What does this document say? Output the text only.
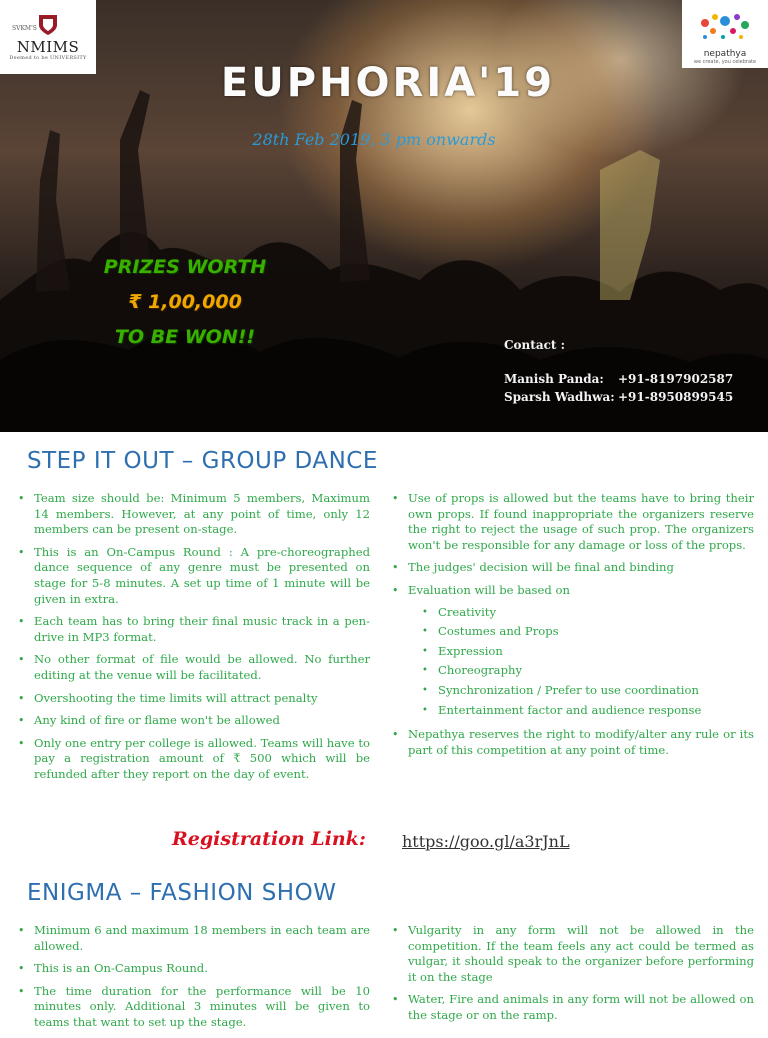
SVKM'S
NMIMS
Deemed to be UNIVERSITY	nepathya
we create, you celebrate
EUPHORIA'19
28th Feb 2019, 3 pm onwards
PRIZES WORTH
₹ 1,00,000
TO BE WON!!	Contact :
Manish Panda:	+91-8197902587
Sparsh Wadhwa: +91-8950899545
STEP IT OUT – GROUP DANCE
• Team size should be: Minimum 5 members, Maximum 14 members. However, at any point of time, only 12 members can be present on-stage.
• This is an On-Campus Round : A pre-choreographed dance sequence of any genre must be presented on stage for 5-8 minutes. A set up time of 1 minute will be given in extra.
• Each team has to bring their final music track in a pen-drive in MP3 format.
• No other format of file would be allowed. No further editing at the venue will be facilitated.
• Overshooting the time limits will attract penalty
• Any kind of fire or flame won't be allowed
• Only one entry per college is allowed. Teams will have to pay a registration amount of ₹ 500 which will be refunded after they report on the day of event.
• Use of props is allowed but the teams have to bring their own props. If found inappropriate the organizers reserve the right to reject the usage of such prop. The organizers won't be responsible for any damage or loss of the props.
• The judges' decision will be final and binding
• Evaluation will be based on
• Creativity
• Costumes and Props
• Expression
• Choreography
• Synchronization / Prefer to use coordination
• Entertainment factor and audience response
• Nepathya reserves the right to modify/alter any rule or its part of this competition at any point of time.
Registration Link: https://goo.gl/a3rJnL
ENIGMA – FASHION SHOW
• Minimum 6 and maximum 18 members in each team are allowed.
• This is an On-Campus Round.
• The time duration for the performance will be 10 minutes only. Additional 3 minutes will be given to teams that want to set up the stage.
• Vulgarity in any form will not be allowed in the competition. If the team feels any act could be termed as vulgar, it should speak to the organizer before performing it on the stage
• Water, Fire and animals in any form will not be allowed on the stage or on the ramp.
